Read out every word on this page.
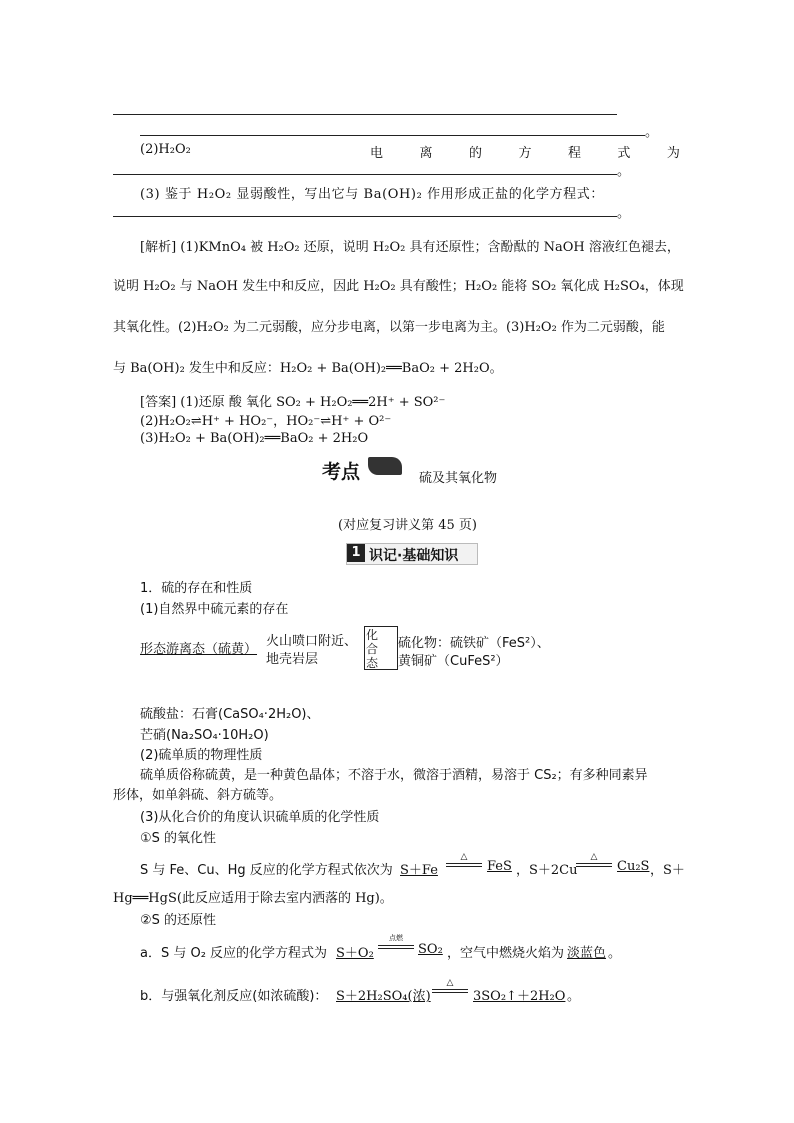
。
(2)H₂O₂	电	离	的	方	程	式	为
。
(3) 鉴于 H₂O₂ 显弱酸性，写出它与 Ba(OH)₂ 作用形成正盐的化学方程式：
。
[解析] (1)KMnO₄ 被 H₂O₂ 还原，说明 H₂O₂ 具有还原性；含酚酞的 NaOH 溶液红色褪去，
说明 H₂O₂ 与 NaOH 发生中和反应，因此 H₂O₂ 具有酸性；H₂O₂ 能将 SO₂ 氧化成 H₂SO₄，体现
其氧化性。(2)H₂O₂ 为二元弱酸，应分步电离，以第一步电离为主。(3)H₂O₂ 作为二元弱酸，能
与 Ba(OH)₂ 发生中和反应：H₂O₂ + Ba(OH)₂══BaO₂ + 2H₂O。
[答案] (1)还原 酸 氧化 SO₂ + H₂O₂══2H⁺ + SO²⁻
(2)H₂O₂⇌H⁺ + HO₂⁻，HO₂⁻⇌H⁺ + O²⁻
(3)H₂O₂ + Ba(OH)₂══BaO₂ + 2H₂O
考点	硫及其氧化物
(对应复习讲义第 45 页)
1 识记·基础知识
1．硫的存在和性质
(1)自然界中硫元素的存在
形态游离态（硫黄）
火山喷口附近、
地壳岩层
化
合
态
硫化物：硫铁矿（FeS²）、
黄铜矿（CuFeS²）
硫酸盐：石膏(CaSO₄·2H₂O)、
芒硝(Na₂SO₄·10H₂O)
(2)硫单质的物理性质
硫单质俗称硫黄，是一种黄色晶体；不溶于水，微溶于酒精，易溶于 CS₂；有多种同素异
形体，如单斜硫、斜方硫等。
(3)从化合价的角度认识硫单质的化学性质
①S 的氧化性
S 与 Fe、Cu、Hg 反应的化学方程式依次为 S＋Fe
△
FeS ，S＋2Cu
△
Cu₂S ，S＋
Hg══HgS(此反应适用于除去室内洒落的 Hg)。
②S 的还原性
a．S 与 O₂ 反应的化学方程式为 S＋O₂
点燃
SO₂ ，空气中燃烧火焰为 淡蓝色 。
b．与强氧化剂反应(如浓硫酸)： S＋2H₂SO₄(浓)
△
3SO₂↑＋2H₂O 。
